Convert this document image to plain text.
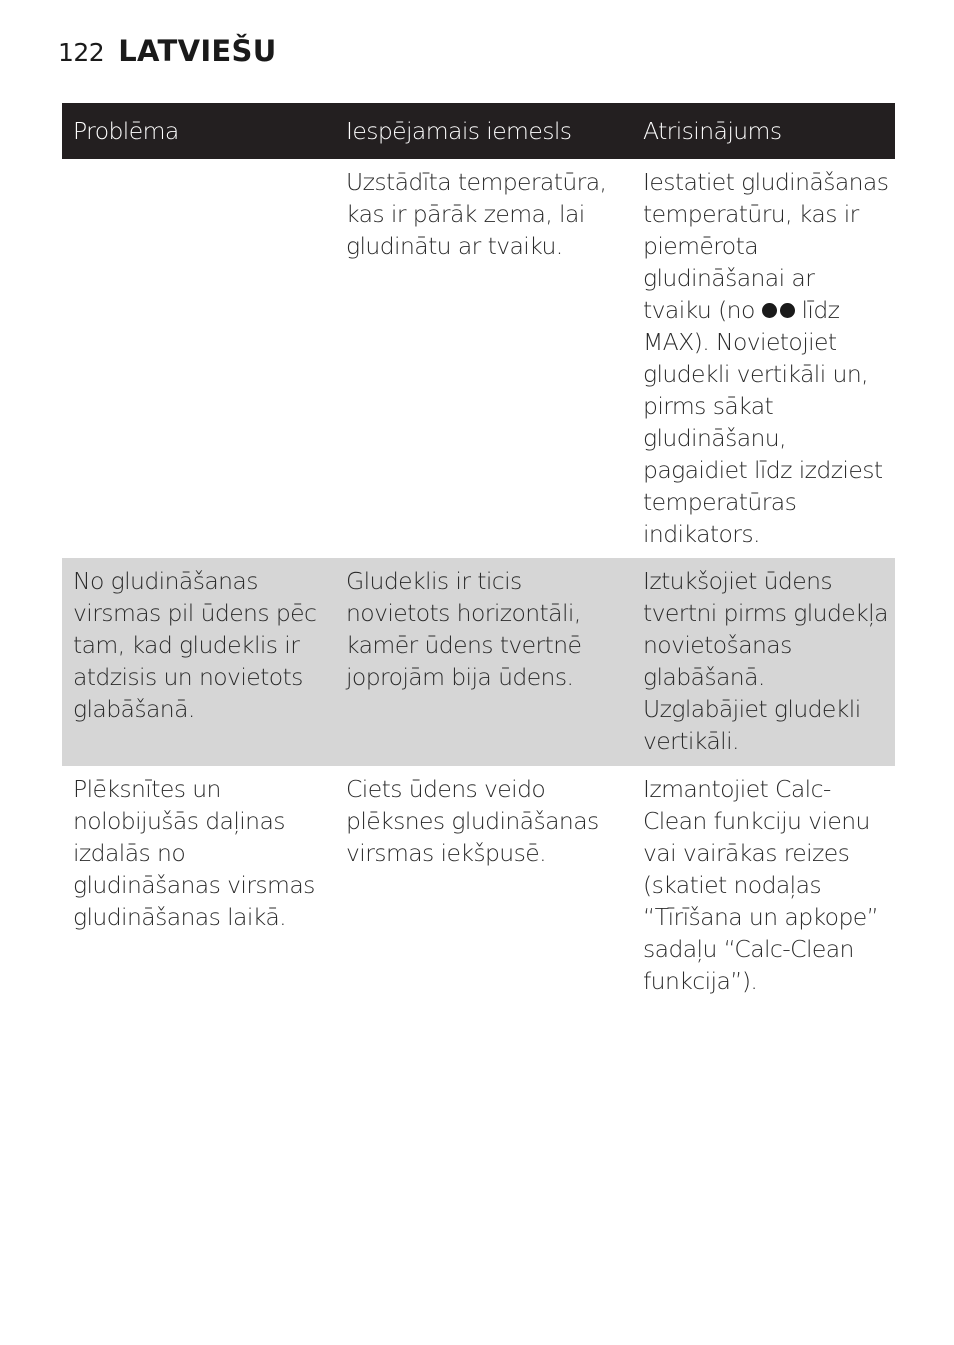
122 LATVIEŠU
Problēma	Iespējamais iemesls	Atrisinājums
Uzstādīta temperatūra, kas ir pārāk zema, lai gludinātu ar tvaiku.
Iestatiet gludināšanas temperatūru, kas ir piemērota gludināšanai ar tvaiku (no līdz MAX). Novietojiet gludekli vertikāli un, pirms sākat gludināšanu, pagaidiet līdz izdziest temperatūras indikators.
No gludināšanas virsmas pil ūdens pēc tam, kad gludeklis ir atdzisis un novietots glabāšanā.
Gludeklis ir ticis novietots horizontāli, kamēr ūdens tvertnē joprojām bija ūdens.
Iztukšojiet ūdens tvertni pirms gludekļa novietošanas glabāšanā. Uzglabājiet gludekli vertikāli.
Plēksnītes un nolobijušās daļinas izdalās no gludināšanas virsmas gludināšanas laikā.
Ciets ūdens veido plēksnes gludināšanas virsmas iekšpusē.
Izmantojiet Calc-Clean funkciju vienu vai vairākas reizes (skatiet nodaļas “Tīrīšana un apkope” sadaļu “Calc-Clean funkcija”).
